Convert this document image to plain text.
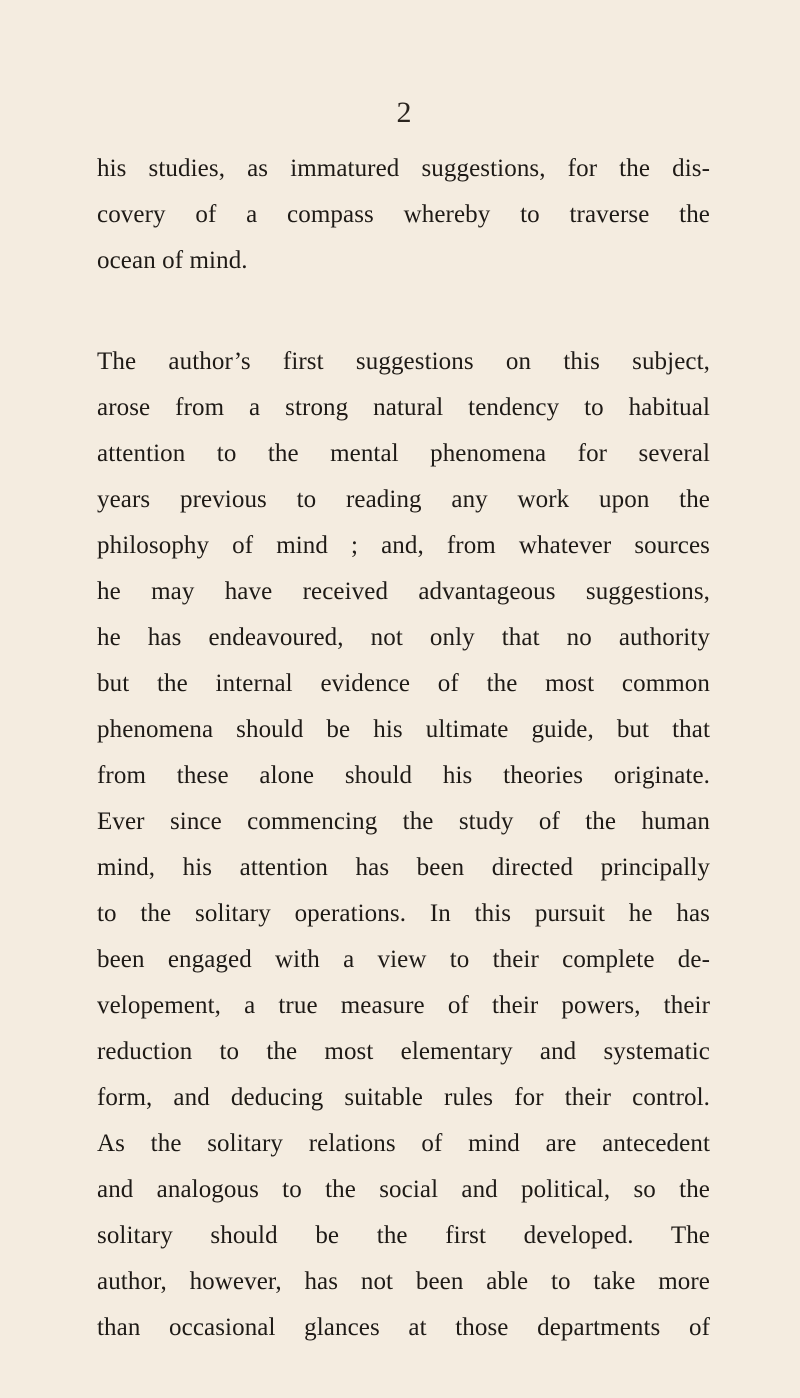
2
his studies, as immatured suggestions, for the dis-
covery of a compass whereby to traverse the
ocean of mind.
The author’s first suggestions on this subject,
arose from a strong natural tendency to habitual
attention to the mental phenomena for several
years previous to reading any work upon the
philosophy of mind ; and, from whatever sources
he may have received advantageous suggestions,
he has endeavoured, not only that no authority
but the internal evidence of the most common
phenomena should be his ultimate guide, but that
from these alone should his theories originate.
Ever since commencing the study of the human
mind, his attention has been directed principally
to the solitary operations. In this pursuit he has
been engaged with a view to their complete de-
velopement, a true measure of their powers, their
reduction to the most elementary and systematic
form, and deducing suitable rules for their control.
As the solitary relations of mind are antecedent
and analogous to the social and political, so the
solitary should be the first developed. The
author, however, has not been able to take more
than occasional glances at those departments of
